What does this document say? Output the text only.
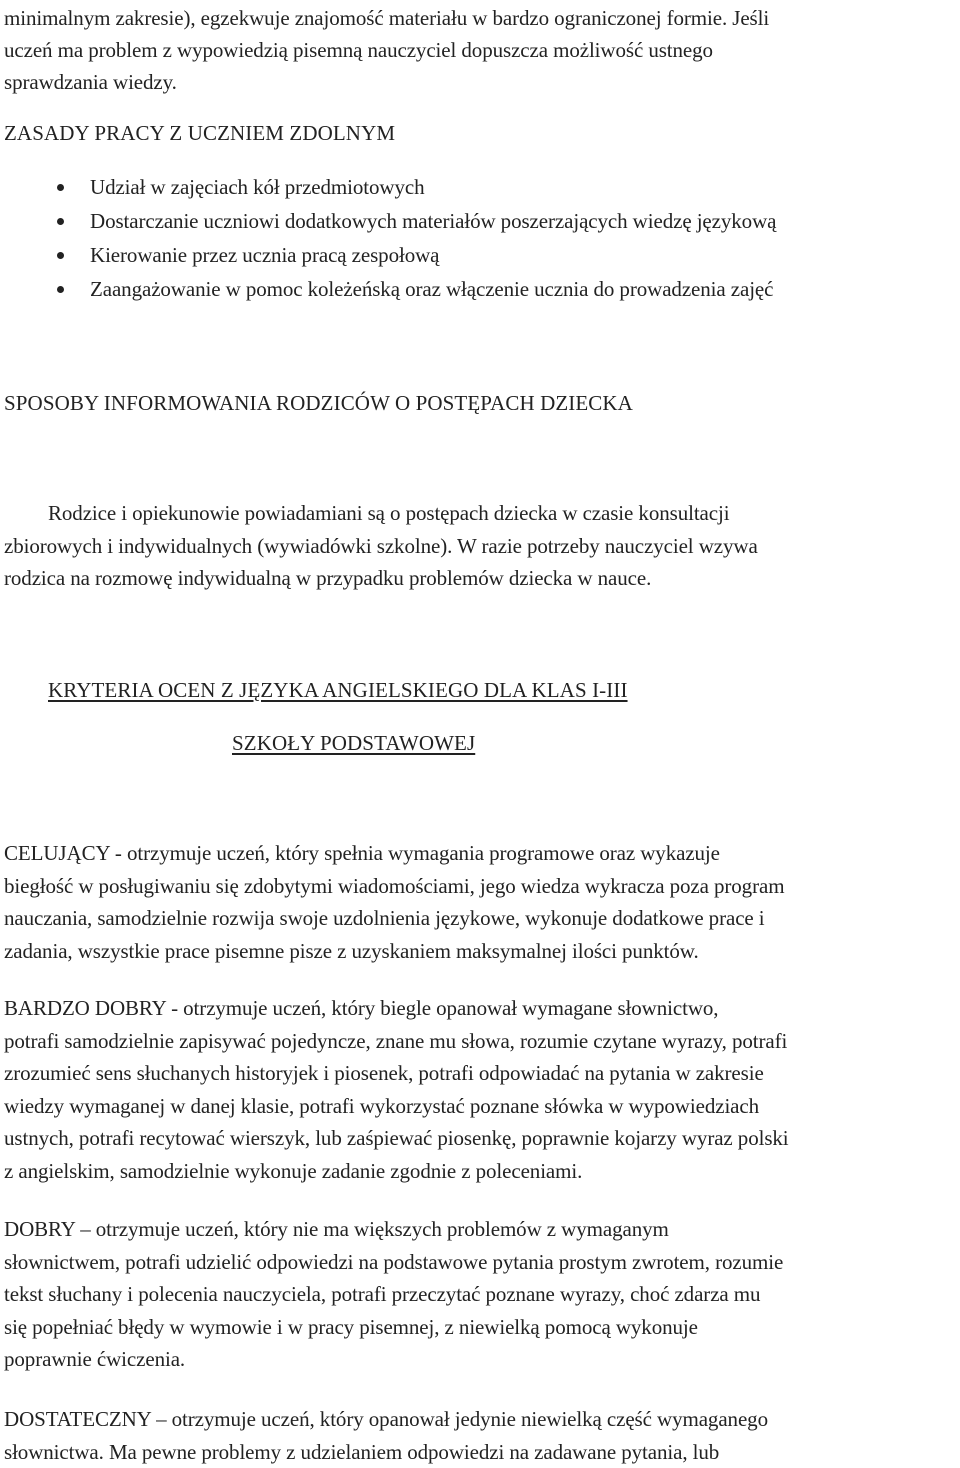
minimalnym zakresie), egzekwuje znajomość materiału w bardzo ograniczonej formie. Jeśli
uczeń ma problem z wypowiedzią pisemną nauczyciel dopuszcza możliwość ustnego
sprawdzania wiedzy.
ZASADY PRACY Z UCZNIEM ZDOLNYM
Udział w zajęciach kół przedmiotowych
Dostarczanie uczniowi dodatkowych materiałów poszerzających wiedzę językową
Kierowanie przez ucznia pracą zespołową
Zaangażowanie w pomoc koleżeńską oraz włączenie ucznia do prowadzenia zajęć
SPOSOBY INFORMOWANIA RODZICÓW O POSTĘPACH DZIECKA
Rodzice i opiekunowie powiadamiani są o postępach dziecka w czasie konsultacji
zbiorowych i indywidualnych (wywiadówki szkolne). W razie potrzeby nauczyciel wzywa
rodzica na rozmowę indywidualną w przypadku problemów dziecka w nauce.
KRYTERIA OCEN Z JĘZYKA ANGIELSKIEGO DLA KLAS I-III
SZKOŁY PODSTAWOWEJ
CELUJĄCY - otrzymuje uczeń, który spełnia wymagania programowe oraz wykazuje
biegłość w posługiwaniu się zdobytymi wiadomościami, jego wiedza wykracza poza program
nauczania, samodzielnie rozwija swoje uzdolnienia językowe, wykonuje dodatkowe prace i
zadania, wszystkie prace pisemne pisze z uzyskaniem maksymalnej ilości punktów.
BARDZO DOBRY - otrzymuje uczeń, który biegle opanował wymagane słownictwo,
potrafi samodzielnie zapisywać pojedyncze, znane mu słowa, rozumie czytane wyrazy, potrafi
zrozumieć sens słuchanych historyjek i piosenek, potrafi odpowiadać na pytania w zakresie
wiedzy wymaganej w danej klasie, potrafi wykorzystać poznane słówka w wypowiedziach
ustnych, potrafi recytować wierszyk, lub zaśpiewać piosenkę, poprawnie kojarzy wyraz polski
z angielskim, samodzielnie wykonuje zadanie zgodnie z poleceniami.
DOBRY – otrzymuje uczeń, który nie ma większych problemów z wymaganym
słownictwem, potrafi udzielić odpowiedzi na podstawowe pytania prostym zwrotem, rozumie
tekst słuchany i polecenia nauczyciela, potrafi przeczytać poznane wyrazy, choć zdarza mu
się popełniać błędy w wymowie i w pracy pisemnej, z niewielką pomocą wykonuje
poprawnie ćwiczenia.
DOSTATECZNY – otrzymuje uczeń, który opanował jedynie niewielką część wymaganego
słownictwa. Ma pewne problemy z udzielaniem odpowiedzi na zadawane pytania, lub
